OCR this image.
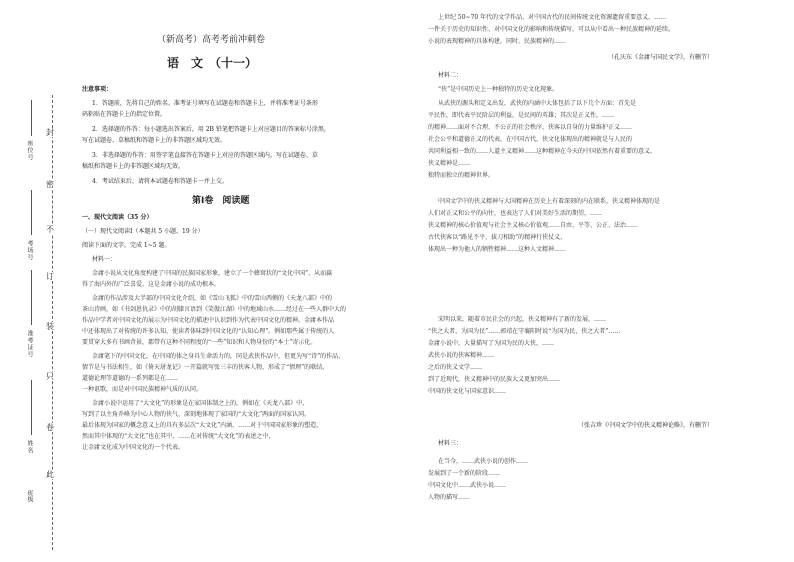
封
密
不
订
装
只
卷
此
座位号
考场号
准考证号
姓名
班级
（新高考）高考考前冲刺卷
语　文　（十一）
注意事项：
1．答题前，先将自己的姓名、准考证号填写在试题卷和答题卡上，并将准考证号条形
码粘贴在答题卡上的指定位置。
2．选择题的作答：每小题选出答案后，用 2B 铅笔把答题卡上对应题目的答案标号涂黑，
写在试题卷、草稿纸和答题卡上的非答题区域均无效。
3．非选择题的作答：用签字笔直接答在答题卡上对应的答题区域内。写在试题卷、草
稿纸和答题卡上的非答题区域均无效。
4．考试结束后，请将本试题卷和答题卡一并上交。
第Ⅰ卷　阅读题
一、现代文阅读（35 分）
（一）现代文阅读Ⅰ（本题共 5 小题，19 分）
阅读下面的文字，完成 1~5 题。
材料一：
金庸小说从文化角度构建了中国的民族国家形象，建立了一个蜂窝状的“文化中国”，从而赢
得了海内外的广泛喜爱。这是金庸小说的成功根本。
金庸的作品涉及大半部的中国文化介绍，如《雪山飞狐》中的雪山西侧的《天龙八部》中的
茶山诗画，如《书剑恩仇录》中的胡膝言语到《笑傲江湖》中的地域山水……经过在一些人群中大的
作品中学者对中国文化的展示为中国文化的描述中认识到作为代表中国文化的精神。金庸本作品
中还体现出了对传统的许多认知，使读者体味到中国文化的“认知心理”。例如那些属于传统的人
要贯穿大多有书画背景，都带有这种不同程度的“一些”知识和人物身份的“本土”寄示化。
金庸笔下的中国文化，在中国的体之身具生命活力的。同是武侠作品中，但更为写“诗”的作品、
情节是与书法相生，如《倚天屠龙记》一开篇就写张三丰的侠客人物，形成了“情理”的联结，
道德论理等道德的一系列都是在……
一种讴歌，而是对中国民族精神气质的认同。
金庸小说中运用了“大文化”的形象是在家国体制之上的。例如在《天龙八部》中，
写到了以主角乔峰为中心人物的侠气，深刻地体现了家国的“大文化”两面的国家认同。
最后体现为国家的概念意义上的具有多层次“大文化”内涵，……对于中国国家形象的塑造，
然而其中体现的“大文化”也在其中，……在对传统“大文化”的表述之中，
让金庸文化成为中国文化的一个代表。
上世纪 50~70 年代的文学作品，对中国古代的民间传统文化资源遗留重要意义，……
一件关于历史的知识性、对中国文化的影响和传统描写，可以从中看出一种民族精神的延续。
小说的表现精神的具体构建，同时，民族精神的……
（孔庆东《金庸与国民文学》，有删节）
材料二：
“侠”是中国历史上一种独特的历史文化现象。
从武侠的源头和定义出发，武侠的内涵中大体包括了以下几个方面：首先是
平民性，即代表平民阶层的利益，是民间的英雄；其次是正义性，……
的精神……面对不合理、不公正的社会秩序，侠客以自身的力量维护正义……
社会公平和道德正义的代表。在中国古代，侠文化体现出的精神就是与人民的
共同利益相一致的……人道主义精神……这种精神在今天的中国依然有着重要的意义。
侠义精神是……
独特而独立的精神世界。
中国文学中的侠义精神与大国精神在历史上有着深刻的内在联系，侠义精神体现的是
人们对正义和公平的向往，也表达了人们对美好生活的期望，……
侠义精神的核心价值观与社会主义核心价值观……自由、平等、公正、法治……
古代侠客以“路见不平，拔刀相助”的精神行侠仗义，
体现出一种为他人的牺牲精神……这种人文精神……
宋明以来，随着市民社会的兴起，侠义精神有了新的发展，……
“侠之大者，为国为民”……郭靖在守襄阳时说“为国为民，侠之大者”……
金庸小说中，大量描写了为国为民的大侠，……
武侠小说的侠客精神……
之后的侠义文学……
到了近现代，侠义精神中的民族大义更加突出……
中国的侠文化与国家意识……
（张吉珍《中国文学中的侠义精神论略》，有删节）
材料三：
在当今，……武侠小说的创作……
发展到了一个新的阶段……
中国文化中……武侠小说……
人物的描写……
